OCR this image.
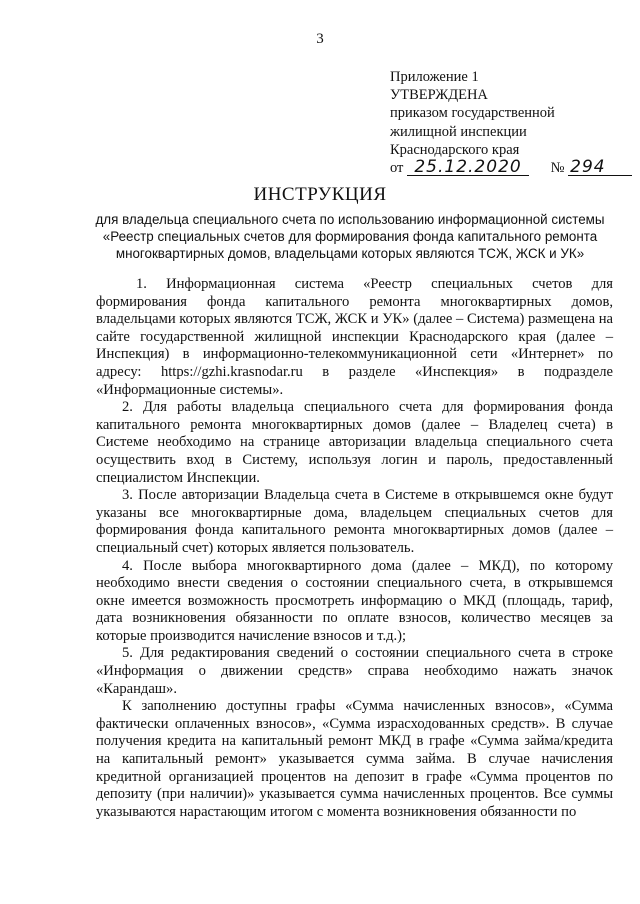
3
Приложение 1
УТВЕРЖДЕНА
приказом государственной
жилищной инспекции
Краснодарского края
от 25.12.2020 № 294
ИНСТРУКЦИЯ
для владельца специального счета по использованию информационной системы «Реестр специальных счетов для формирования фонда капитального ремонта многоквартирных домов, владельцами которых являются ТСЖ, ЖСК и УК»

1. Информационная система «Реестр специальных счетов для формирования фонда капитального ремонта многоквартирных домов, владельцами которых являются ТСЖ, ЖСК и УК» (далее – Система) размещена на сайте государственной жилищной инспекции Краснодарского края (далее – Инспекция) в информационно-телекоммуникационной сети «Интернет» по адресу: https://gzhi.krasnodar.ru в разделе «Инспекция» в подразделе «Информационные системы».

2. Для работы владельца специального счета для формирования фонда капитального ремонта многоквартирных домов (далее – Владелец счета) в Системе необходимо на странице авторизации владельца специального счета осуществить вход в Систему, используя логин и пароль, предоставленный специалистом Инспекции.

3. После авторизации Владельца счета в Системе в открывшемся окне будут указаны все многоквартирные дома, владельцем специальных счетов для формирования фонда капитального ремонта многоквартирных домов (далее – специальный счет) которых является пользователь.

4. После выбора многоквартирного дома (далее – МКД), по которому необходимо внести сведения о состоянии специального счета, в открывшемся окне имеется возможность просмотреть информацию о МКД (площадь, тариф, дата возникновения обязанности по оплате взносов, количество месяцев за которые производится начисление взносов и т.д.);

5. Для редактирования сведений о состоянии специального счета в строке «Информация о движении средств» справа необходимо нажать значок «Карандаш».

К заполнению доступны графы «Сумма начисленных взносов», «Сумма фактически оплаченных взносов», «Сумма израсходованных средств». В случае получения кредита на капитальный ремонт МКД в графе «Сумма займа/кредита на капитальный ремонт» указывается сумма займа. В случае начисления кредитной организацией процентов на депозит в графе «Сумма процентов по депозиту (при наличии)» указывается сумма начисленных процентов. Все суммы указываются нарастающим итогом с момента возникновения обязанности по
